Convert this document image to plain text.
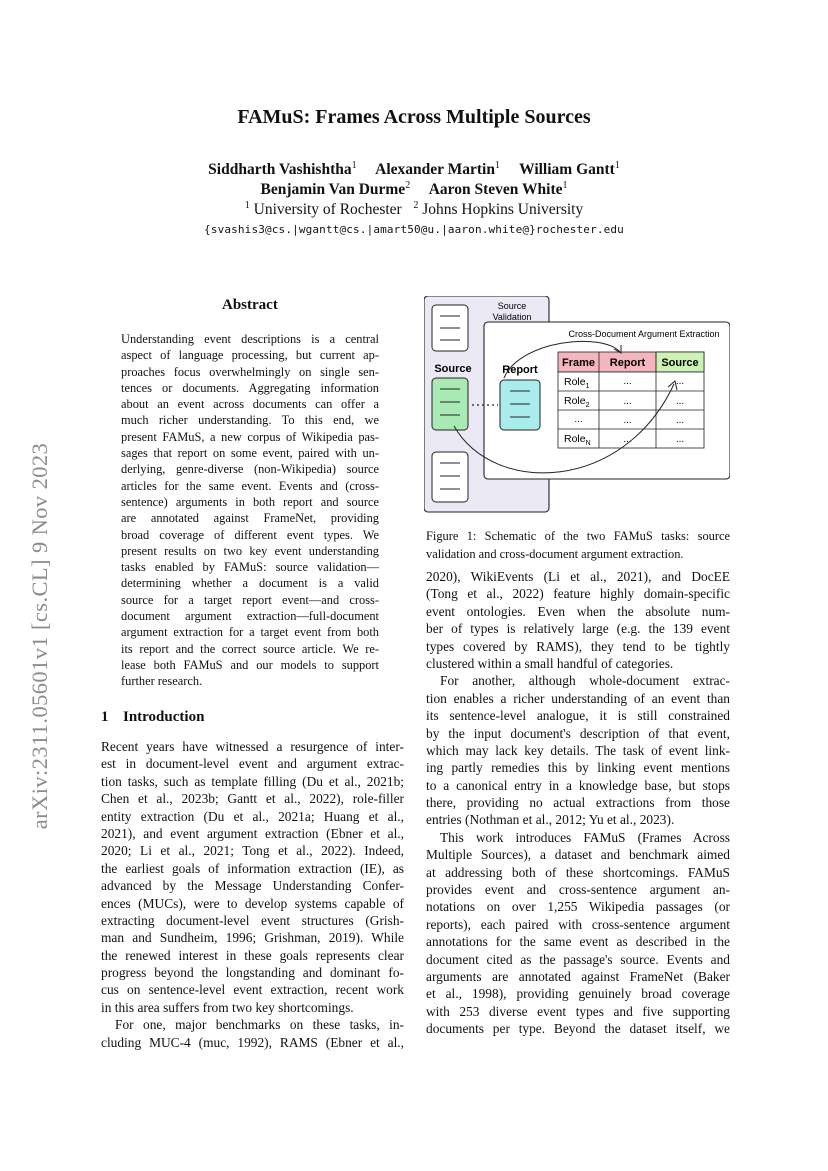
FAMuS: Frames Across Multiple Sources
Siddharth Vashishtha$^1$ Alexander Martin$^1$ William Gantt$^1$
Benjamin Van Durme$^2$ Aaron Steven White$^1$
$^1$ University of Rochester $^2$ Johns Hopkins University
{svashis3@cs.|wgantt@cs.|amart50@u.|aaron.white@}rochester.edu
arXiv:2311.05601v1 [cs.CL] 9 Nov 2023
Abstract
Understanding event descriptions is a central
aspect of language processing, but current ap-
proaches focus overwhelmingly on single sen-
tences or documents. Aggregating information
about an event across documents can offer a
much richer understanding. To this end, we
present FAMuS, a new corpus of Wikipedia pas-
sages that report on some event, paired with un-
derlying, genre-diverse (non-Wikipedia) source
articles for the same event. Events and (cross-
sentence) arguments in both report and source
are annotated against FrameNet, providing
broad coverage of different event types. We
present results on two key event understanding
tasks enabled by FAMuS: source validation—
determining whether a document is a valid
source for a target report event—and cross-
document argument extraction—full-document
argument extraction for a target event from both
its report and the correct source article. We re-
lease both FAMuS and our models to support
further research.
1 Introduction
Recent years have witnessed a resurgence of inter-
est in document-level event and argument extrac-
tion tasks, such as template filling (Du et al., 2021b;
Chen et al., 2023b; Gantt et al., 2022), role-filler
entity extraction (Du et al., 2021a; Huang et al.,
2021), and event argument extraction (Ebner et al.,
2020; Li et al., 2021; Tong et al., 2022). Indeed,
the earliest goals of information extraction (IE), as
advanced by the Message Understanding Confer-
ences (MUCs), were to develop systems capable of
extracting document-level event structures (Grish-
man and Sundheim, 1996; Grishman, 2019). While
the renewed interest in these goals represents clear
progress beyond the longstanding and dominant fo-
cus on sentence-level event extraction, recent work
in this area suffers from two key shortcomings.
For one, major benchmarks on these tasks, in-
cluding MUC-4 (muc, 1992), RAMS (Ebner et al.,
Source
Validation
Cross-Document Argument Extraction
Source	Report
Frame Report Source
Role$_1$	...	...
Role$_2$	...	...
...	...	...
Role$_N$	...	...
Figure 1: Schematic of the two FAMuS tasks: source
validation and cross-document argument extraction.
2020), WikiEvents (Li et al., 2021), and DocEE
(Tong et al., 2022) feature highly domain-specific
event ontologies. Even when the absolute num-
ber of types is relatively large (e.g. the 139 event
types covered by RAMS), they tend to be tightly
clustered within a small handful of categories.
For another, although whole-document extrac-
tion enables a richer understanding of an event than
its sentence-level analogue, it is still constrained
by the input document's description of that event,
which may lack key details. The task of event link-
ing partly remedies this by linking event mentions
to a canonical entry in a knowledge base, but stops
there, providing no actual extractions from those
entries (Nothman et al., 2012; Yu et al., 2023).
This work introduces FAMuS (Frames Across
Multiple Sources), a dataset and benchmark aimed
at addressing both of these shortcomings. FAMuS
provides event and cross-sentence argument an-
notations on over 1,255 Wikipedia passages (or
reports), each paired with cross-sentence argument
annotations for the same event as described in the
document cited as the passage's source. Events and
arguments are annotated against FrameNet (Baker
et al., 1998), providing genuinely broad coverage
with 253 diverse event types and five supporting
documents per type. Beyond the dataset itself, we
